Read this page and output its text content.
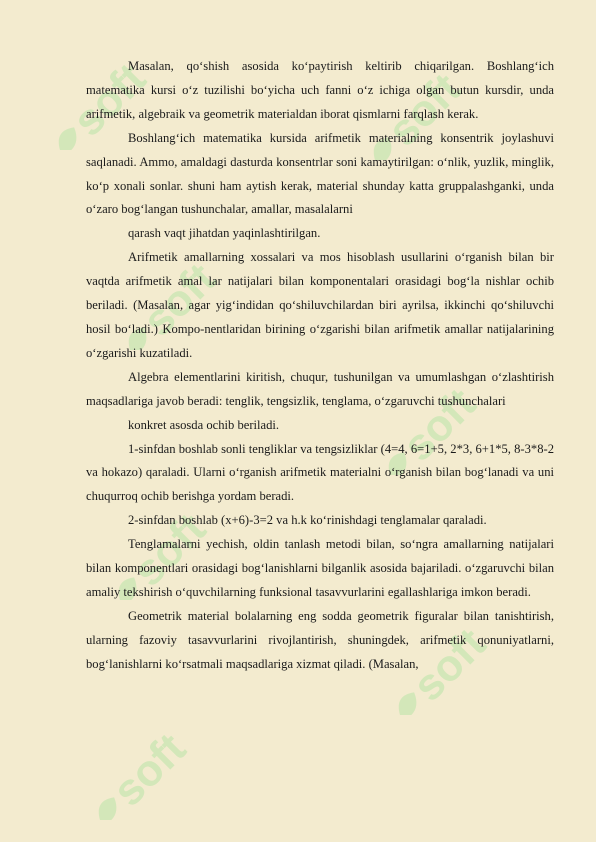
soft	soft
soft
soft
soft
soft
soft

Masalan, qo‘shish asosida ko‘paytirish keltirib chiqarilgan. Boshlang‘ich matematika kursi o‘z tuzilishi bo‘yicha uch fanni o‘z ichiga olgan butun kursdir, unda arifmetik, algebraik va geometrik materialdan iborat qismlarni farqlash kerak.

Boshlang‘ich matematika kursida arifmetik materialning konsentrik joylashuvi saqlanadi. Ammo, amaldagi dasturda konsentrlar soni kamaytirilgan: o‘nlik, yuzlik, minglik, ko‘p xonali sonlar. shuni ham aytish kerak, material shunday katta gruppalashganki, unda o‘zaro bog‘langan tushunchalar, amallar, masalalarni

qarash vaqt jihatdan yaqinlashtirilgan.

Arifmetik amallarning xossalari va mos hisoblash usullarini o‘rganish bilan bir vaqtda arifmetik amal lar natijalari bilan komponentalari orasidagi bog‘la nishlar ochib beriladi. (Masalan, agar yig‘indidan qo‘shiluvchilardan biri ayrilsa, ikkinchi qo‘shiluvchi hosil bo‘ladi.) Kompo-nentlaridan birining o‘zgarishi bilan arifmetik amallar natijalarining o‘zgarishi kuzatiladi.

Algebra elementlarini kiritish, chuqur, tushunilgan va umumlashgan o‘zlashtirish maqsadlariga javob beradi: tenglik, tengsizlik, tenglama, o‘zgaruvchi tushunchalari

konkret asosda ochib beriladi.

1-sinfdan boshlab sonli tengliklar va tengsizliklar (4=4, 6=1+5, 2*3, 6+1*5, 8-3*8-2 va hokazo) qaraladi. Ularni o‘rganish arifmetik materialni o‘rganish bilan bog‘lanadi va uni chuqurroq ochib berishga yordam beradi.

2-sinfdan boshlab (x+6)-3=2 va h.k ko‘rinishdagi tenglamalar qaraladi.

Tenglamalarni yechish, oldin tanlash metodi bilan, so‘ngra amallarning natijalari bilan komponentlari orasidagi bog‘lanishlarni bilganlik asosida bajariladi. o‘zgaruvchi bilan amaliy tekshirish o‘quvchilarning funksional tasavvurlarini egallashlariga imkon beradi.

Geometrik material bolalarning eng sodda geometrik figuralar bilan tanishtirish, ularning fazoviy tasavvurlarini rivojlantirish, shuningdek, arifmetik qonuniyatlarni, bog‘lanishlarni ko‘rsatmali maqsadlariga xizmat qiladi. (Masalan,
